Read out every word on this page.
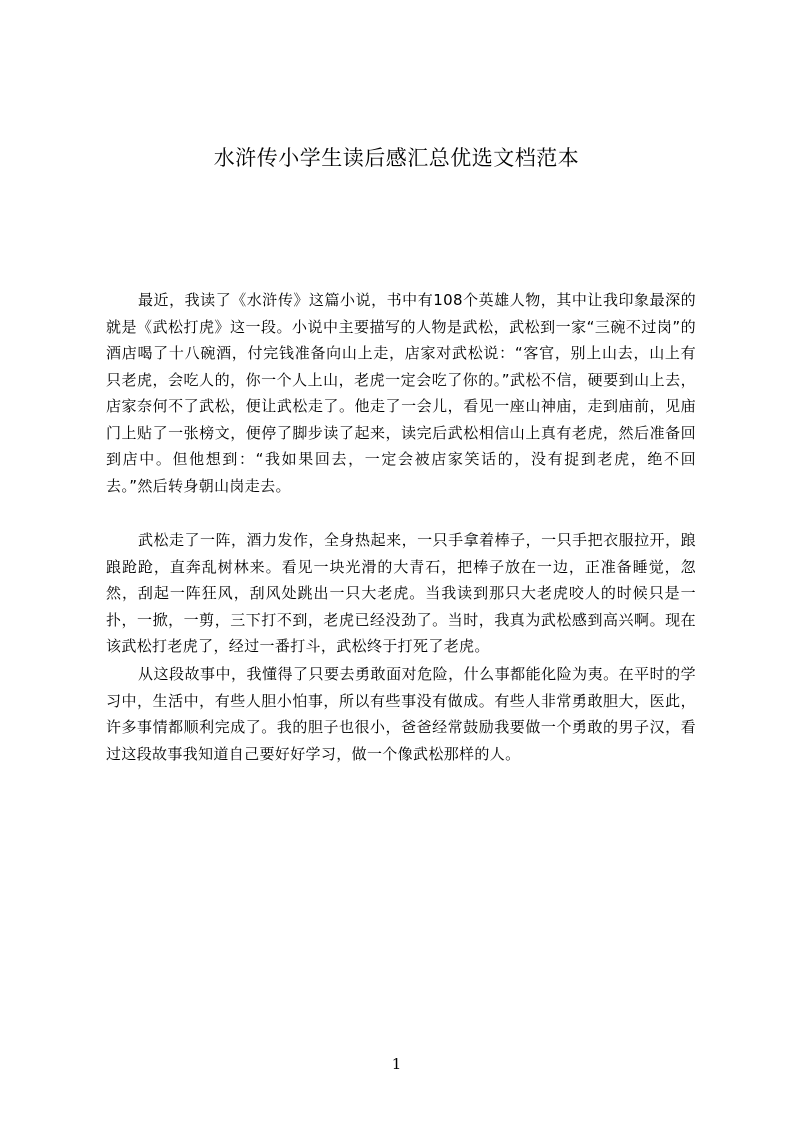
水浒传小学生读后感汇总优选文档范本

最近，我读了《水浒传》这篇小说，书中有108个英雄人物，其中让我印象最深的就是《武松打虎》这一段。小说中主要描写的人物是武松，武松到一家“三碗不过岗”的酒店喝了十八碗酒，付完钱准备向山上走，店家对武松说：“客官，别上山去，山上有只老虎，会吃人的，你一个人上山，老虎一定会吃了你的。”武松不信，硬要到山上去，店家奈何不了武松，便让武松走了。他走了一会儿，看见一座山神庙，走到庙前，见庙门上贴了一张榜文，便停了脚步读了起来，读完后武松相信山上真有老虎，然后准备回到店中。但他想到：“我如果回去，一定会被店家笑话的，没有捉到老虎，绝不回去。”然后转身朝山岗走去。

武松走了一阵，酒力发作，全身热起来，一只手拿着棒子，一只手把衣服拉开，踉踉跄跄，直奔乱树林来。看见一块光滑的大青石，把棒子放在一边，正准备睡觉，忽然，刮起一阵狂风，刮风处跳出一只大老虎。当我读到那只大老虎咬人的时候只是一扑，一掀，一剪，三下打不到，老虎已经没劲了。当时，我真为武松感到高兴啊。现在该武松打老虎了，经过一番打斗，武松终于打死了老虎。

从这段故事中，我懂得了只要去勇敢面对危险，什么事都能化险为夷。在平时的学习中，生活中，有些人胆小怕事，所以有些事没有做成。有些人非常勇敢胆大，医此，许多事情都顺利完成了。我的胆子也很小，爸爸经常鼓励我要做一个勇敢的男子汉，看过这段故事我知道自己要好好学习，做一个像武松那样的人。

1
